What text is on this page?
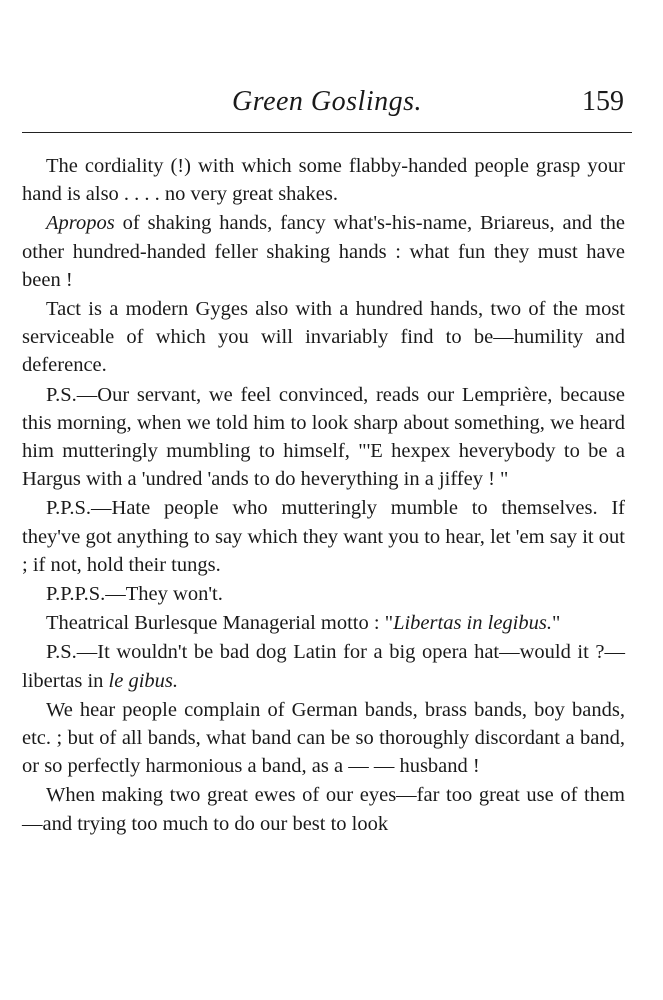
Green Goslings.	159

The cordiality (!) with which some flabby-handed people grasp your hand is also . . . . no very great shakes.

Apropos of shaking hands, fancy what's-his-name, Briareus, and the other hundred-handed feller shaking hands : what fun they must have been !

Tact is a modern Gyges also with a hundred hands, two of the most serviceable of which you will invariably find to be—humility and deference.

P.S.—Our servant, we feel convinced, reads our Lemprière, because this morning, when we told him to look sharp about something, we heard him mutteringly mumbling to himself, "'E hexpex heverybody to be a Hargus with a 'undred 'ands to do heverything in a jiffey ! "

P.P.S.—Hate people who mutteringly mumble to themselves. If they've got anything to say which they want you to hear, let 'em say it out ; if not, hold their tungs.

P.P.P.S.—They won't.

Theatrical Burlesque Managerial motto : "Libertas in legibus."

P.S.—It wouldn't be bad dog Latin for a big opera hat—would it ?—libertas in le gibus.

We hear people complain of German bands, brass bands, boy bands, etc. ; but of all bands, what band can be so thoroughly discordant a band, or so perfectly harmonious a band, as a — — husband !

When making two great ewes of our eyes—far too great use of them—and trying too much to do our best to look
